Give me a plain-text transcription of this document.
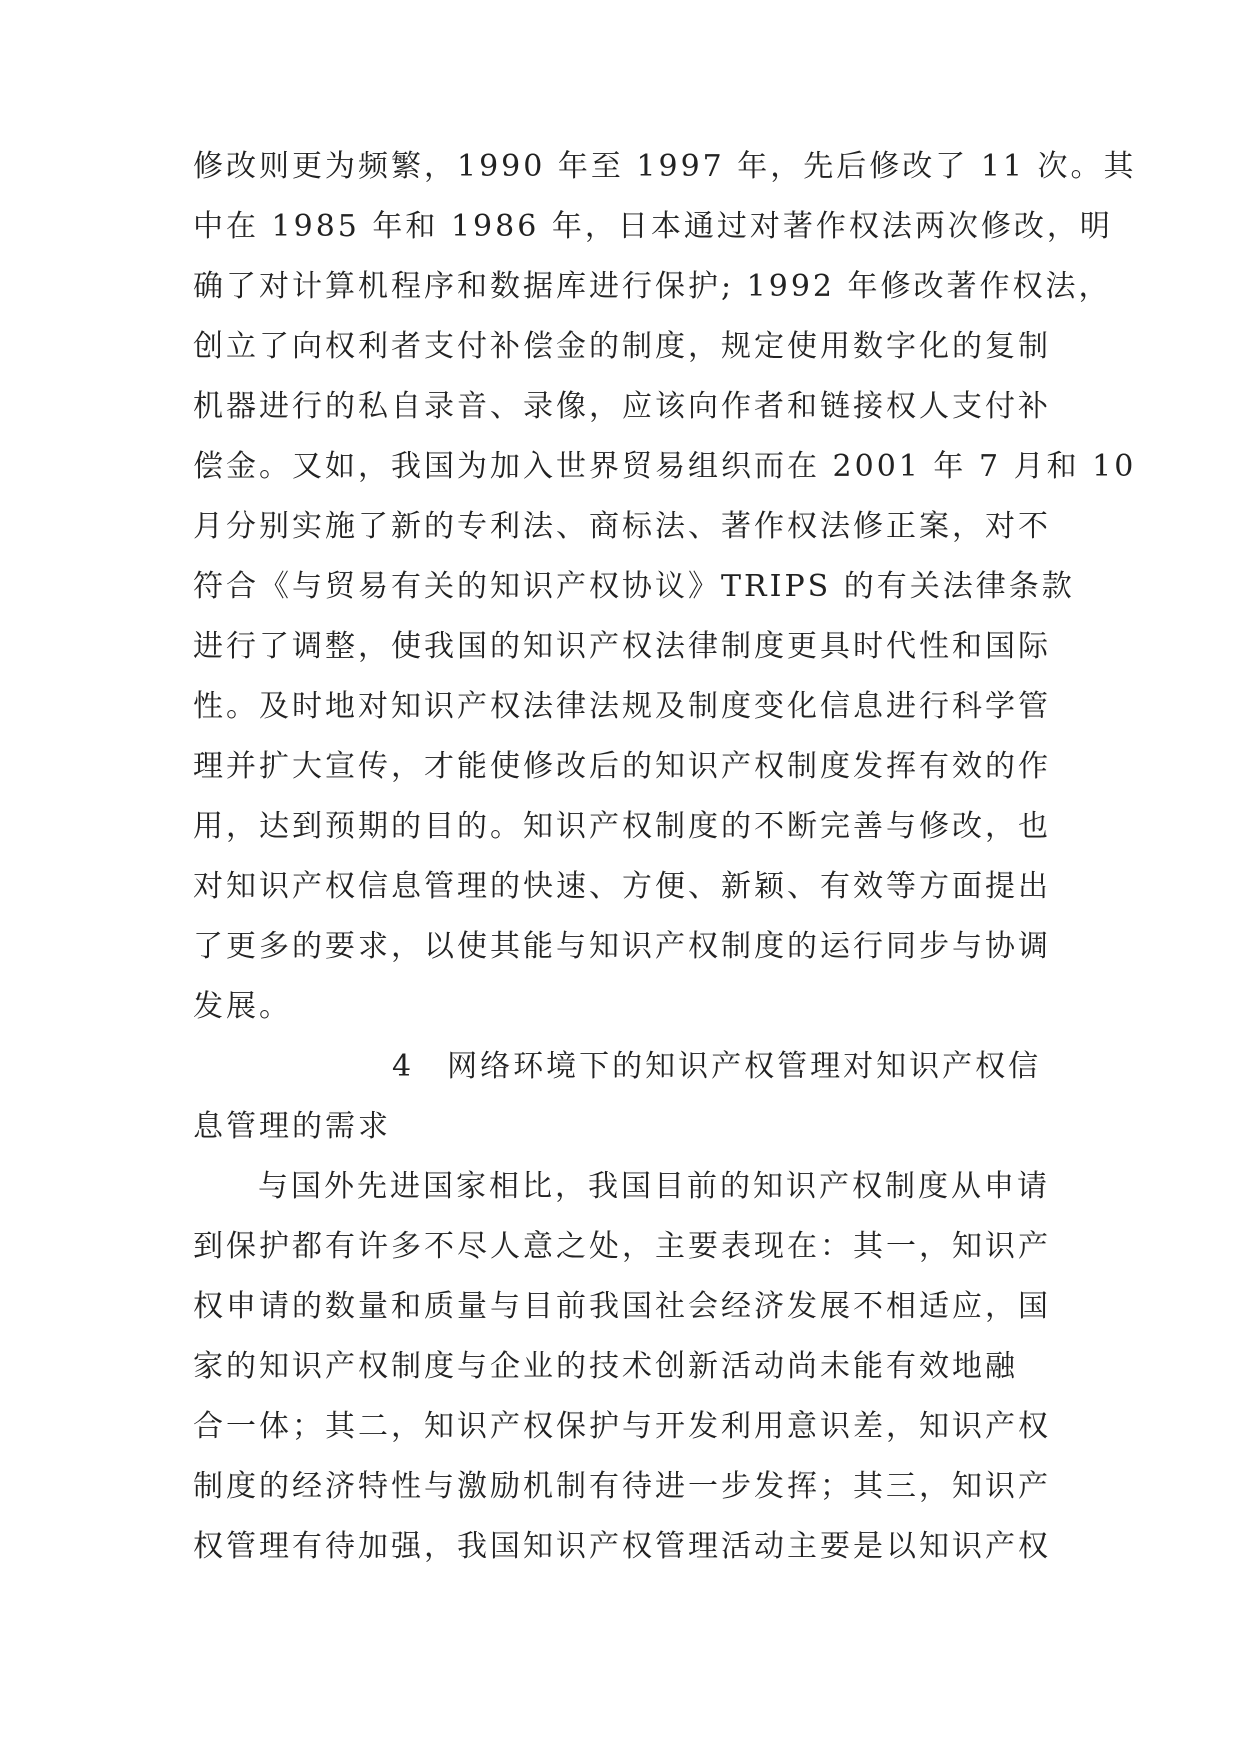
修改则更为频繁，1990 年至 1997 年，先后修改了 11 次。其
中在 1985 年和 1986 年，日本通过对著作权法两次修改，明
确了对计算机程序和数据库进行保护; 1992 年修改著作权法，
创立了向权利者支付补偿金的制度，规定使用数字化的复制
机器进行的私自录音、录像，应该向作者和链接权人支付补
偿金。又如，我国为加入世界贸易组织而在 2001 年 7 月和 10
月分别实施了新的专利法、商标法、著作权法修正案，对不
符合《与贸易有关的知识产权协议》TRIPS 的有关法律条款
进行了调整，使我国的知识产权法律制度更具时代性和国际
性。及时地对知识产权法律法规及制度变化信息进行科学管
理并扩大宣传，才能使修改后的知识产权制度发挥有效的作
用，达到预期的目的。知识产权制度的不断完善与修改，也
对知识产权信息管理的快速、方便、新颖、有效等方面提出
了更多的要求，以使其能与知识产权制度的运行同步与协调
发展。
4　网络环境下的知识产权管理对知识产权信
息管理的需求
与国外先进国家相比，我国目前的知识产权制度从申请
到保护都有许多不尽人意之处，主要表现在：其一，知识产
权申请的数量和质量与目前我国社会经济发展不相适应，国
家的知识产权制度与企业的技术创新活动尚未能有效地融
合一体；其二，知识产权保护与开发利用意识差，知识产权
制度的经济特性与激励机制有待进一步发挥；其三，知识产
权管理有待加强，我国知识产权管理活动主要是以知识产权
